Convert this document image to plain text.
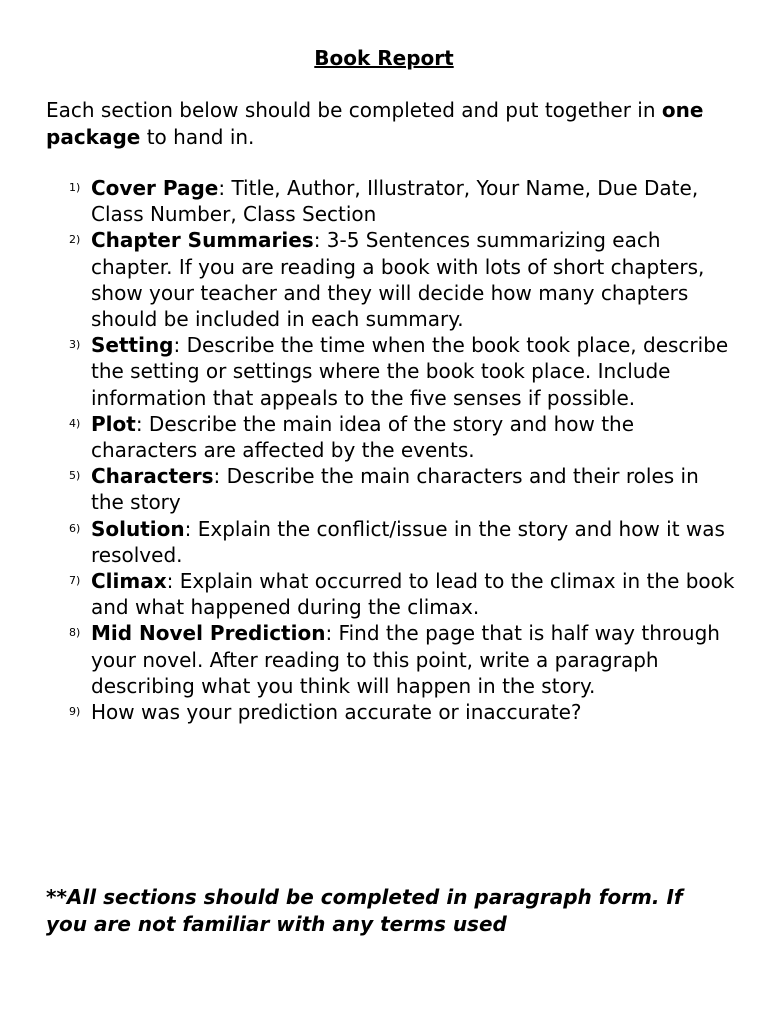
Book Report
Each section below should be completed and put together in one package to hand in.
1) Cover Page: Title, Author, Illustrator, Your Name, Due Date, Class Number, Class Section
2) Chapter Summaries: 3-5 Sentences summarizing each chapter. If you are reading a book with lots of short chapters, show your teacher and they will decide how many chapters should be included in each summary.
3) Setting: Describe the time when the book took place, describe the setting or settings where the book took place. Include information that appeals to the five senses if possible.
4) Plot: Describe the main idea of the story and how the characters are affected by the events.
5) Characters: Describe the main characters and their roles in the story
6) Solution: Explain the conflict/issue in the story and how it was resolved.
7) Climax: Explain what occurred to lead to the climax in the book and what happened during the climax.
8) Mid Novel Prediction: Find the page that is half way through your novel. After reading to this point, write a paragraph describing what you think will happen in the story.
9) How was your prediction accurate or inaccurate?
**All sections should be completed in paragraph form. If you are not familiar with any terms used
